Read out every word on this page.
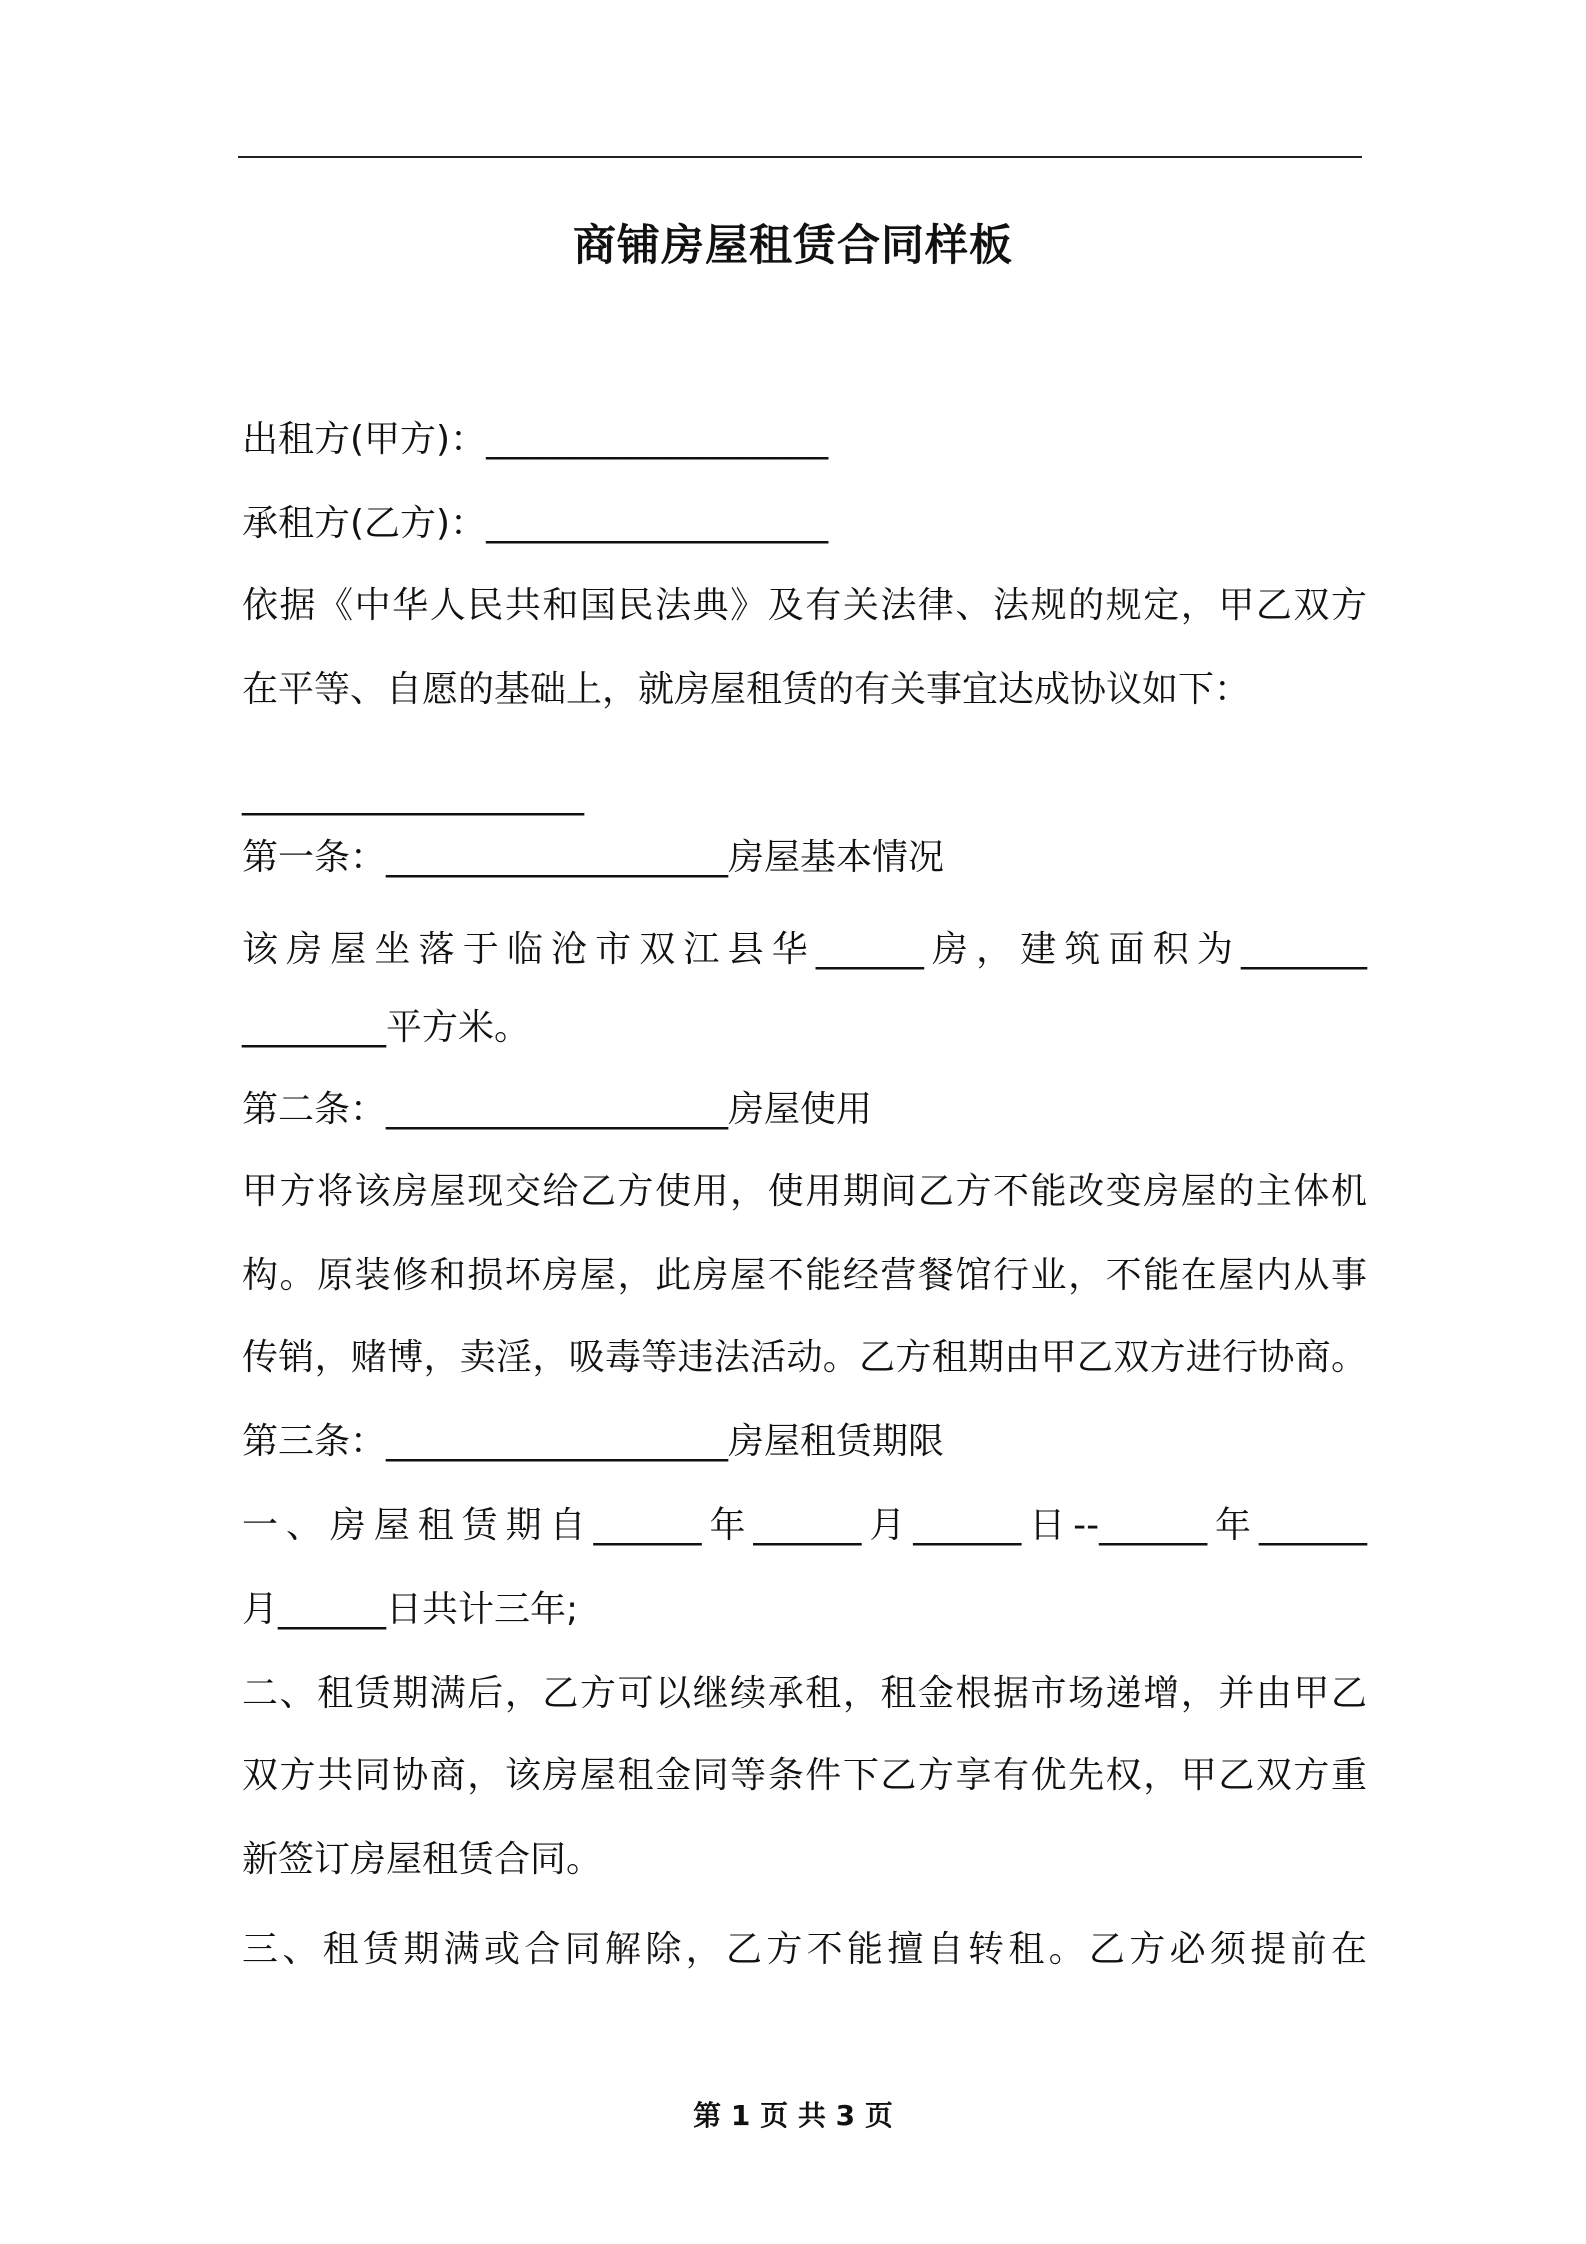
商铺房屋租赁合同样板
出租方(甲方)：___________________
承租方(乙方)：___________________
依据《中华人民共和国民法典》及有关法律、法规的规定，甲乙双方
在平等、自愿的基础上，就房屋租赁的有关事宜达成协议如下：
___________________
第一条：___________________房屋基本情况
该房屋坐落于临沧市双江县华______房，建筑面积为_______
________平方米。
第二条：___________________房屋使用
甲方将该房屋现交给乙方使用，使用期间乙方不能改变房屋的主体机
构。原装修和损坏房屋，此房屋不能经营餐馆行业，不能在屋内从事
传销，赌博，卖淫，吸毒等违法活动。乙方租期由甲乙双方进行协商。
第三条：___________________房屋租赁期限
一、房屋租赁期自______年______月______日--______年______
月______日共计三年;
二、租赁期满后，乙方可以继续承租，租金根据市场递增，并由甲乙
双方共同协商，该房屋租金同等条件下乙方享有优先权，甲乙双方重
新签订房屋租赁合同。
三、租赁期满或合同解除，乙方不能擅自转租。乙方必须提前在
第 1 页 共 3 页
